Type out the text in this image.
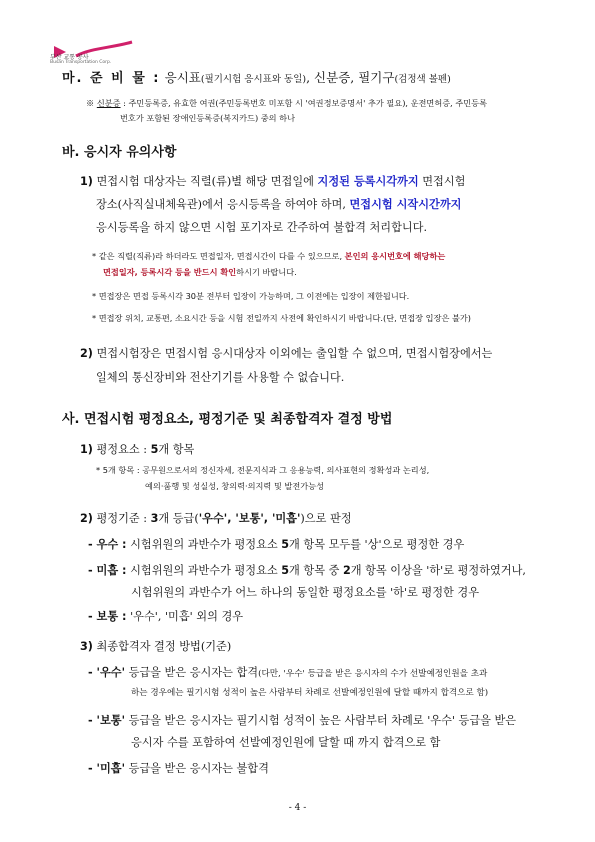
부산 교통 공사
Busan Transportation Corp.
마. 준 비 물 : 응시표(필기시험 응시표와 동일), 신분증, 필기구(검정색 볼펜)
※ 신분증 : 주민등록증, 유효한 여권(주민등록번호 미포함 시 '여권정보증명서' 추가 필요), 운전면허증, 주민등록
번호가 포함된 장애인등록증(복지카드) 중의 하나
바. 응시자 유의사항
1) 면접시험 대상자는 직렬(류)별 해당 면접일에 지정된 등록시각까지 면접시험
장소(사직실내체육관)에서 응시등록을 하여야 하며, 면접시험 시작시간까지
응시등록을 하지 않으면 시험 포기자로 간주하여 불합격 처리합니다.
* 같은 직렬(직류)라 하더라도 면접일자, 면접시간이 다를 수 있으므로, 본인의 응시번호에 해당하는
면접일자, 등록시각 등을 반드시 확인하시기 바랍니다.
* 면접장은 면접 등록시각 30분 전부터 입장이 가능하며, 그 이전에는 입장이 제한됩니다.
* 면접장 위치, 교통편, 소요시간 등을 시험 전일까지 사전에 확인하시기 바랍니다.(단, 면접장 입장은 불가)
2) 면접시험장은 면접시험 응시대상자 이외에는 출입할 수 없으며, 면접시험장에서는
일체의 통신장비와 전산기기를 사용할 수 없습니다.
사. 면접시험 평정요소, 평정기준 및 최종합격자 결정 방법
1) 평정요소 : 5개 항목
* 5개 항목 : 공무원으로서의 정신자세, 전문지식과 그 응용능력, 의사표현의 정확성과 논리성,
예의·품행 및 성실성, 창의력·의지력 및 발전가능성
2) 평정기준 : 3개 등급('우수', '보통', '미흡')으로 판정
- 우수 : 시험위원의 과반수가 평정요소 5개 항목 모두를 '상'으로 평정한 경우
- 미흡 : 시험위원의 과반수가 평정요소 5개 항목 중 2개 항목 이상을 '하'로 평정하였거나,
시험위원의 과반수가 어느 하나의 동일한 평정요소를 '하'로 평정한 경우
- 보통 : '우수', '미흡' 외의 경우
3) 최종합격자 결정 방법(기준)
- '우수' 등급을 받은 응시자는 합격(다만, '우수' 등급을 받은 응시자의 수가 선발예정인원을 초과
하는 경우에는 필기시험 성적이 높은 사람부터 차례로 선발예정인원에 달할 때까지 합격으로 함)
- '보통' 등급을 받은 응시자는 필기시험 성적이 높은 사람부터 차례로 '우수' 등급을 받은
응시자 수를 포함하여 선발예정인원에 달할 때 까지 합격으로 함
- '미흡' 등급을 받은 응시자는 불합격
- 4 -
